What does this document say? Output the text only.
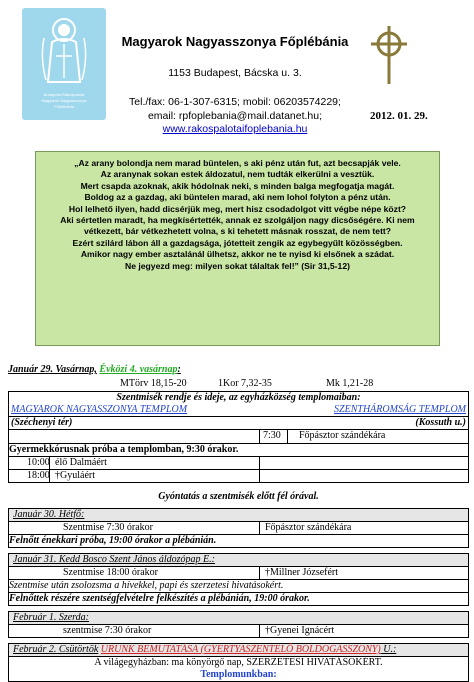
Budapest-Rákospalota
Magyarok Nagyasszonya
Főplébánia
Magyarok Nagyasszonya Főplébánia
1153 Budapest, Bácska u. 3.
Tel./fax: 06-1-307-6315; mobil: 06203574229;
email: rpfoplebania@mail.datanet.hu;
www.rakospalotaifoplebania.hu
2012. 01. 29.
„Az arany bolondja nem marad büntelen, s aki pénz után fut, azt becsapják vele.
Az aranynak sokan estek áldozatul, nem tudták elkerülni a vesztük.
Mert csapda azoknak, akik hódolnak neki, s minden balga megfogatja magát.
Boldog az a gazdag, aki büntelen marad, aki nem lohol folyton a pénz után.
Hol lelhető ilyen, hadd dicsérjük meg, mert hisz csodadolgot vitt végbe népe közt?
Aki sértetlen maradt, ha megkísértették, annak ez szolgáljon nagy dicsőségére. Ki nem
vétkezett, bár vétkezhetett volna, s ki tehetett másnak rosszat, de nem tett?
Ezért szilárd lábon áll a gazdagsága, jótetteit zengik az egybegyűlt közösségben.
Amikor nagy ember asztalánál ülhetsz, akkor ne te nyisd ki elsőnek a szádat.
Ne jegyezd meg: milyen sokat tálaltak fel!” (Sir 31,5-12)
Január 29. Vasárnap, Évközi 4. vasárnap:
MTörv 18,15-20	1Kor 7,32-35	Mk 1,21-28
Szentmisék rendje és ideje, az egyházközség templomaiban:
MAGYAROK NAGYASSZONYA TEMPLOM	SZENTHÁROMSÁG TEMPLOM
(Széchenyi tér)	(Kossuth u.)
7:30 Főpásztor szándékára
Gyermekkórusnak próba a templomban, 9:30 órakor.
10:00 élő Dalmáért
18:00 †Gyuláért
Gyóntatás a szentmisék előtt fél órával.
Január 30. Hétfő:
Szentmise 7:30 órakor	Főpásztor szándékára
Felnőtt énekkari próba, 19:00 órakor a plébánián.
Január 31. Kedd Bosco Szent János áldozópap E.:
Szentmise 18:00 órakor	†Millner Józsefért
Szentmise után zsolozsma a hívekkel, papi és szerzetesi hivatásokért.
Felnőttek részére szentségfelvételre felkészítés a plébánián, 19:00 órakor.
Február 1. Szerda:
szentmise 7:30 órakor	†Gyenei Ignácért
Február 2. Csütörtök URUNK BEMUTATÁSA (GYERTYASZENTELŐ BOLDOGASSZONY) Ü.:
A világegyházban: ma könyörgő nap, SZERZETESI HIVATÁSOKÉRT.
Templomunkban:
